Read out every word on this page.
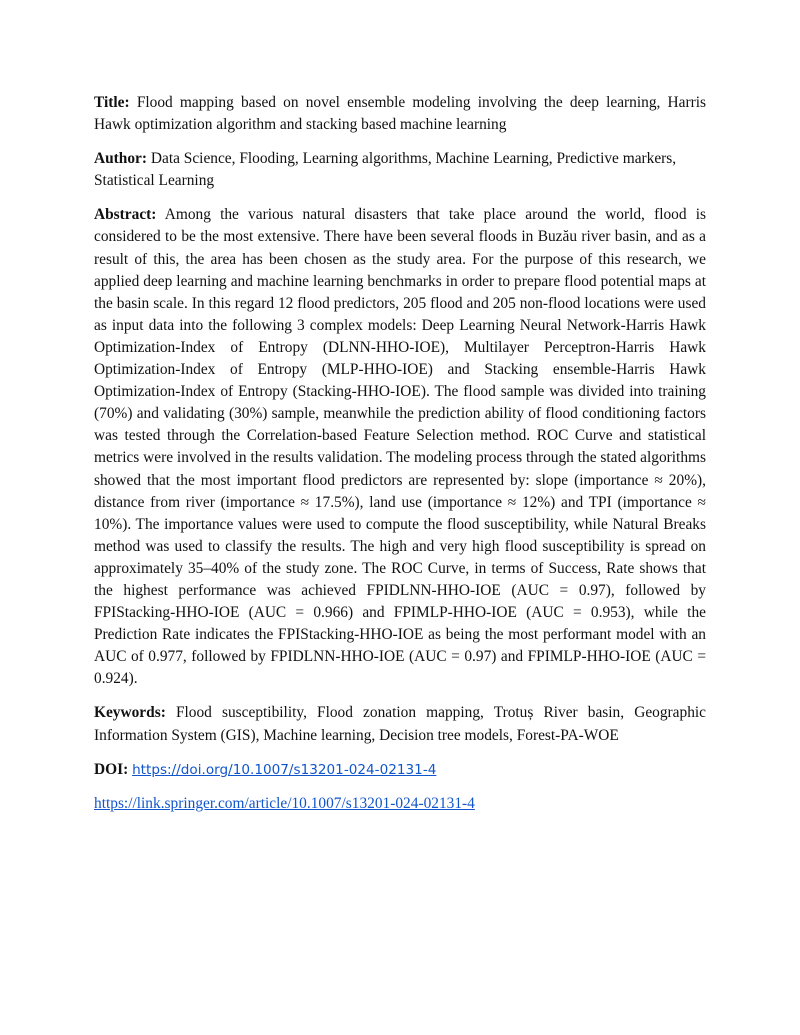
Title: Flood mapping based on novel ensemble modeling involving the deep learning, Harris Hawk optimization algorithm and stacking based machine learning

Author: Data Science, Flooding, Learning algorithms, Machine Learning, Predictive markers, Statistical Learning

Abstract: Among the various natural disasters that take place around the world, flood is considered to be the most extensive. There have been several floods in Buzău river basin, and as a result of this, the area has been chosen as the study area. For the purpose of this research, we applied deep learning and machine learning benchmarks in order to prepare flood potential maps at the basin scale. In this regard 12 flood predictors, 205 flood and 205 non-flood locations were used as input data into the following 3 complex models: Deep Learning Neural Network-Harris Hawk Optimization-Index of Entropy (DLNN-HHO-IOE), Multilayer Perceptron-Harris Hawk Optimization-Index of Entropy (MLP-HHO-IOE) and Stacking ensemble-Harris Hawk Optimization-Index of Entropy (Stacking-HHO-IOE). The flood sample was divided into training (70%) and validating (30%) sample, meanwhile the prediction ability of flood conditioning factors was tested through the Correlation-based Feature Selection method. ROC Curve and statistical metrics were involved in the results validation. The modeling process through the stated algorithms showed that the most important flood predictors are represented by: slope (importance ≈ 20%), distance from river (importance ≈ 17.5%), land use (importance ≈ 12%) and TPI (importance ≈ 10%). The importance values were used to compute the flood susceptibility, while Natural Breaks method was used to classify the results. The high and very high flood susceptibility is spread on approximately 35–40% of the study zone. The ROC Curve, in terms of Success, Rate shows that the highest performance was achieved FPIDLNN-HHO-IOE (AUC = 0.97), followed by FPIStacking-HHO-IOE (AUC = 0.966) and FPIMLP-HHO-IOE (AUC = 0.953), while the Prediction Rate indicates the FPIStacking-HHO-IOE as being the most performant model with an AUC of 0.977, followed by FPIDLNN-HHO-IOE (AUC = 0.97) and FPIMLP-HHO-IOE (AUC = 0.924).

Keywords: Flood susceptibility, Flood zonation mapping, Trotuș River basin, Geographic Information System (GIS), Machine learning, Decision tree models, Forest-PA-WOE

DOI: https://doi.org/10.1007/s13201-024-02131-4

https://link.springer.com/article/10.1007/s13201-024-02131-4
